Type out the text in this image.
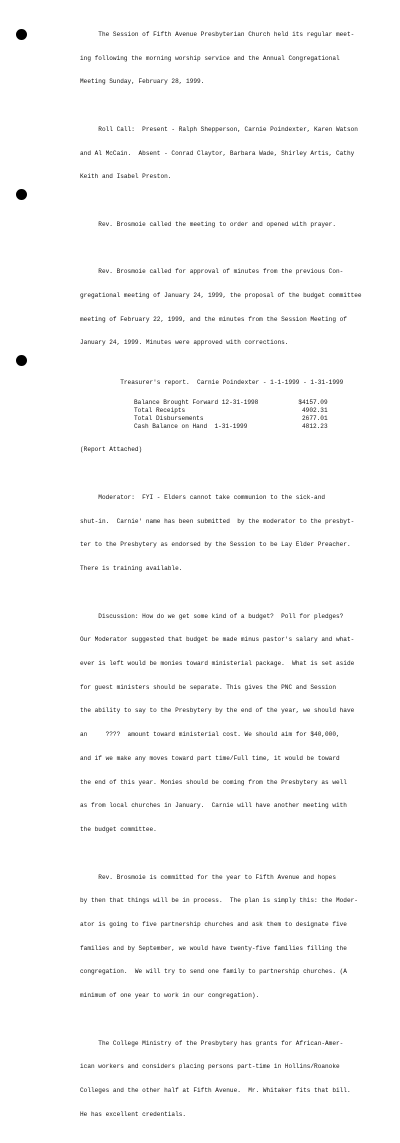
The Session of Fifth Avenue Presbyterian Church held its regular meet-

ing following the morning worship service and the Annual Congregational

Meeting Sunday, February 28, 1999.

Roll Call:  Present - Ralph Shepperson, Carnie Poindexter, Karen Watson

and Al McCain.  Absent - Conrad Claytor, Barbara Wade, Shirley Artis, Cathy

Keith and Isabel Preston.

Rev. Brosmoie called the meeting to order and opened with prayer.

Rev. Brosmoie called for approval of minutes from the previous Con-

gregational meeting of January 24, 1999, the proposal of the budget committee

meeting of February 22, 1999, and the minutes from the Session Meeting of

January 24, 1999. Minutes were approved with corrections.

Treasurer's report.  Carnie Poindexter - 1-1-1999 - 1-31-1999

Balance Brought Forward 12-31-1998	$4157.09
Total Receipts	4902.31
Total Disbursements	2677.01
Cash Balance on Hand  1-31-1999	4812.23

(Report Attached)

Moderator:  FYI - Elders cannot take communion to the sick-and

shut-in.  Carnie' name has been submitted  by the moderator to the presbyt-

ter to the Presbytery as endorsed by the Session to be Lay Elder Preacher.

There is training available.

Discussion: How do we get some kind of a budget?  Poll for pledges?

Our Moderator suggested that budget be made minus pastor's salary and what-

ever is left would be monies toward ministerial package.  What is set aside

for guest ministers should be separate. This gives the PNC and Session

the ability to say to the Presbytery by the end of the year, we should have

an     ????  amount toward ministerial cost. We should aim for $40,000,

and if we make any moves toward part time/Full time, it would be toward

the end of this year. Monies should be coming from the Presbytery as well

as from local churches in January.  Carnie will have another meeting with

the budget committee.

Rev. Brosmoie is committed for the year to Fifth Avenue and hopes

by then that things will be in process.  The plan is simply this: the Moder-

ator is going to five partnership churches and ask them to designate five

families and by September, we would have twenty-five families filling the

congregation.  We will try to send one family to partnership churches. (A

minimum of one year to work in our congregation).

The College Ministry of the Presbytery has grants for African-Amer-

ican workers and considers placing persons part-time in Hollins/Roanoke

Colleges and the other half at Fifth Avenue.  Mr. Whitaker fits that bill.

He has excellent credentials.
